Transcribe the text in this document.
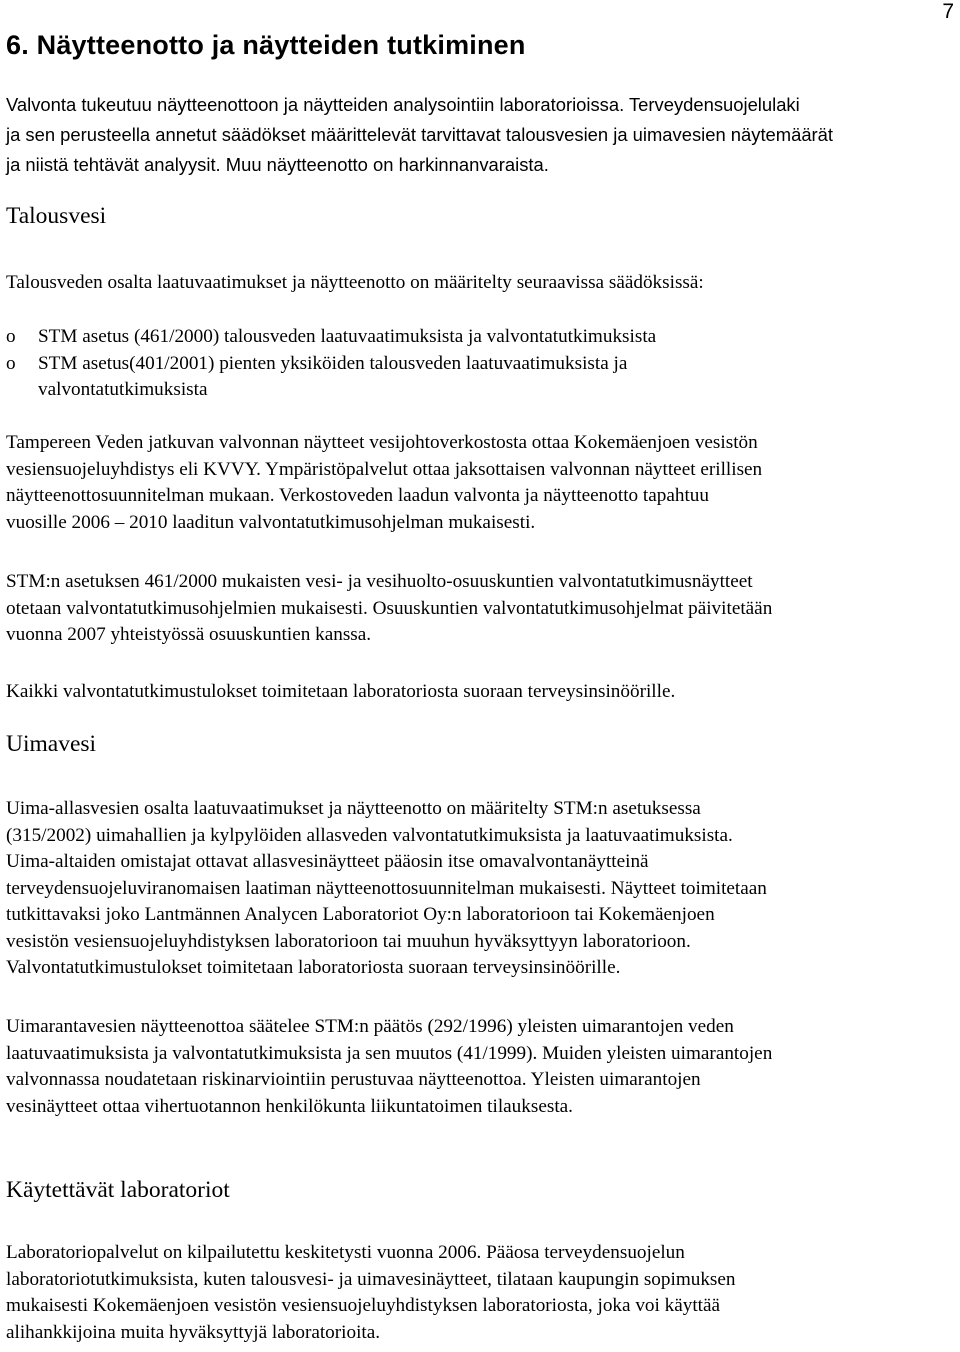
7
6. Näytteenotto ja näytteiden tutkiminen
Valvonta tukeutuu näytteenottoon ja näytteiden analysointiin laboratorioissa. Terveydensuojelulaki
ja sen perusteella annetut säädökset määrittelevät tarvittavat talousvesien ja uimavesien näytemäärät
ja niistä tehtävät analyysit. Muu näytteenotto on harkinnanvaraista.
Talousvesi
Talousveden osalta laatuvaatimukset ja näytteenotto on määritelty seuraavissa säädöksissä:
o STM asetus (461/2000) talousveden laatuvaatimuksista ja valvontatutkimuksista
o STM asetus(401/2001) pienten yksiköiden talousveden laatuvaatimuksista ja
valvontatutkimuksista
Tampereen Veden jatkuvan valvonnan näytteet vesijohtoverkostosta ottaa Kokemäenjoen vesistön
vesiensuojeluyhdistys eli KVVY. Ympäristöpalvelut ottaa jaksottaisen valvonnan näytteet erillisen
näytteenottosuunnitelman mukaan. Verkostoveden laadun valvonta ja näytteenotto tapahtuu
vuosille 2006 – 2010 laaditun valvontatutkimusohjelman mukaisesti.
STM:n asetuksen 461/2000 mukaisten vesi- ja vesihuolto-osuuskuntien valvontatutkimusnäytteet
otetaan valvontatutkimusohjelmien mukaisesti. Osuuskuntien valvontatutkimusohjelmat päivitetään
vuonna 2007 yhteistyössä osuuskuntien kanssa.
Kaikki valvontatutkimustulokset toimitetaan laboratoriosta suoraan terveysinsinöörille.
Uimavesi
Uima-allasvesien osalta laatuvaatimukset ja näytteenotto on määritelty STM:n asetuksessa
(315/2002) uimahallien ja kylpylöiden allasveden valvontatutkimuksista ja laatuvaatimuksista.
Uima-altaiden omistajat ottavat allasvesinäytteet pääosin itse omavalvontanäytteinä
terveydensuojeluviranomaisen laatiman näytteenottosuunnitelman mukaisesti. Näytteet toimitetaan
tutkittavaksi joko Lantmännen Analycen Laboratoriot Oy:n laboratorioon tai Kokemäenjoen
vesistön vesiensuojeluyhdistyksen laboratorioon tai muuhun hyväksyttyyn laboratorioon.
Valvontatutkimustulokset toimitetaan laboratoriosta suoraan terveysinsinöörille.
Uimarantavesien näytteenottoa säätelee STM:n päätös (292/1996) yleisten uimarantojen veden
laatuvaatimuksista ja valvontatutkimuksista ja sen muutos (41/1999). Muiden yleisten uimarantojen
valvonnassa noudatetaan riskinarviointiin perustuvaa näytteenottoa. Yleisten uimarantojen
vesinäytteet ottaa vihertuotannon henkilökunta liikuntatoimen tilauksesta.
Käytettävät laboratoriot
Laboratoriopalvelut on kilpailutettu keskitetysti vuonna 2006. Pääosa terveydensuojelun
laboratoriotutkimuksista, kuten talousvesi- ja uimavesinäytteet, tilataan kaupungin sopimuksen
mukaisesti Kokemäenjoen vesistön vesiensuojeluyhdistyksen laboratoriosta, joka voi käyttää
alihankkijoina muita hyväksyttyjä laboratorioita.
